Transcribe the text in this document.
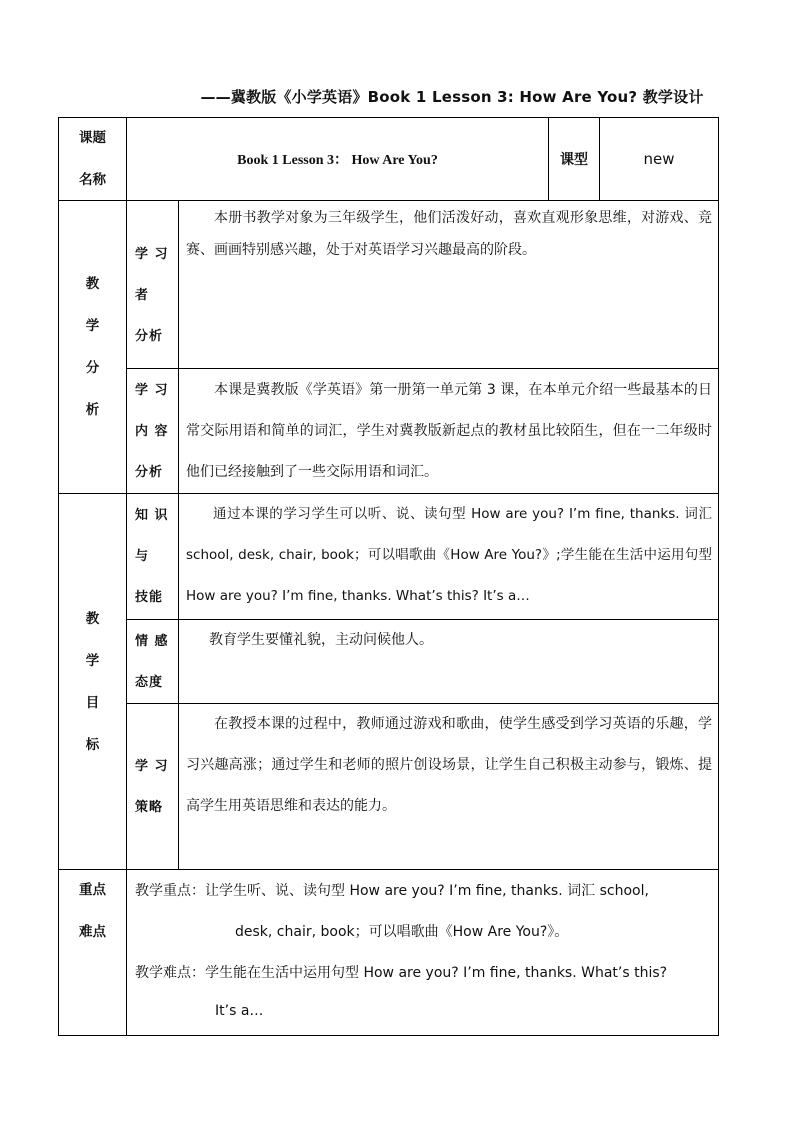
——冀教版《小学英语》Book 1 Lesson 3: How Are You? 教学设计
课题
名称
Book 1 Lesson 3： How Are You?	课型	new
教
学
分
析
学 习
者
分析
本册书教学对象为三年级学生，他们活泼好动，喜欢直观形象思维，对游戏、竞赛、画画特别感兴趣，处于对英语学习兴趣最高的阶段。
学 习
内 容
分析
本课是冀教版《学英语》第一册第一单元第 3 课，在本单元介绍一些最基本的日常交际用语和简单的词汇，学生对冀教版新起点的教材虽比较陌生，但在一二年级时他们已经接触到了一些交际用语和词汇。
教
学
目
标
知 识
与
技能
通过本课的学习学生可以听、说、读句型 How are you? I’m fine, thanks. 词汇 school, desk, chair, book；可以唱歌曲《How Are You?》;学生能在生活中运用句型 How are you? I’m fine, thanks. What’s this? It’s a…
情 感
态度
教育学生要懂礼貌，主动问候他人。
学 习
策略
在教授本课的过程中，教师通过游戏和歌曲，使学生感受到学习英语的乐趣，学习兴趣高涨；通过学生和老师的照片创设场景，让学生自己积极主动参与，锻炼、提高学生用英语思维和表达的能力。
重点
难点
教学重点：让学生听、说、读句型 How are you? I’m fine, thanks. 词汇 school,
desk, chair, book；可以唱歌曲《How Are You?》。
教学难点：学生能在生活中运用句型 How are you? I’m fine, thanks. What’s this?
It’s a…
